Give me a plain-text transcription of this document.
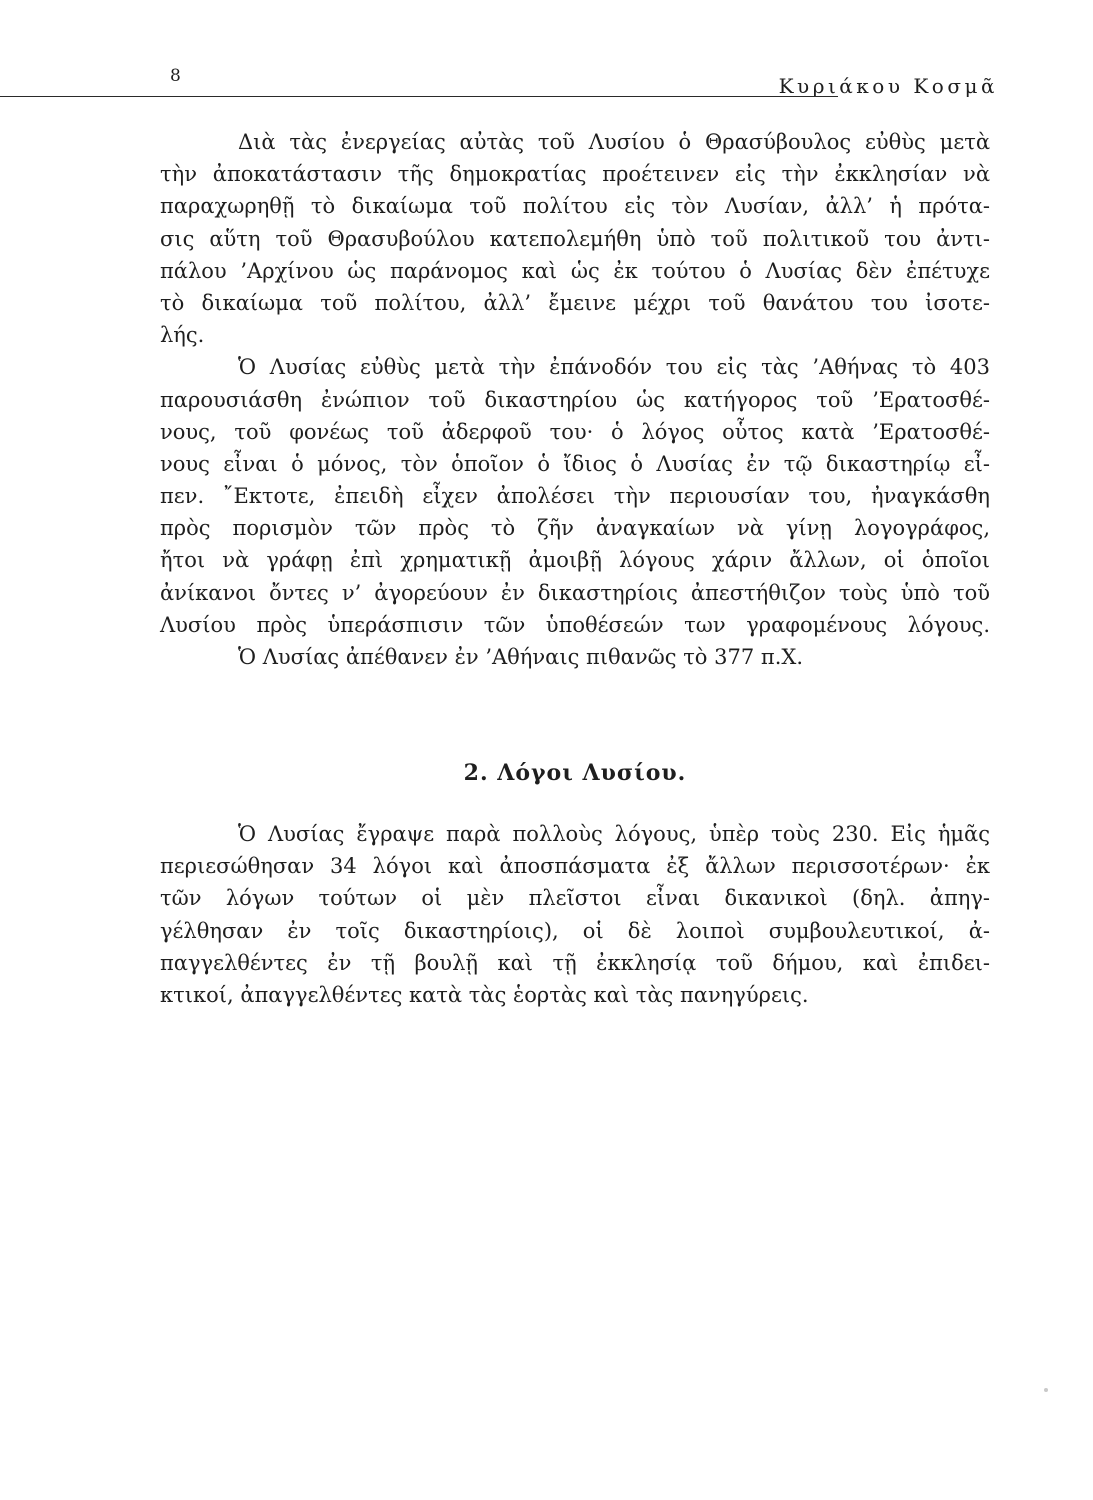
8	Κυριάκου Κοσμᾶ
Διὰ τὰς ἐνεργείας αὐτὰς τοῦ Λυσίου ὁ Θρασύβουλος εὐθὺς μετὰ
τὴν ἀποκατάστασιν τῆς δημοκρατίας προέτεινεν εἰς τὴν ἐκκλησίαν νὰ
παραχωρηθῇ τὸ δικαίωμα τοῦ πολίτου εἰς τὸν Λυσίαν, ἀλλ’ ἡ πρότα-
σις αὕτη τοῦ Θρασυβούλου κατεπολεμήθη ὑπὸ τοῦ πολιτικοῦ του ἀντι-
πάλου ’Αρχίνου ὡς παράνομος καὶ ὡς ἐκ τούτου ὁ Λυσίας δὲν ἐπέτυχε
τὸ δικαίωμα τοῦ πολίτου, ἀλλ’ ἔμεινε μέχρι τοῦ θανάτου του ἰσοτε-
λής.
Ὁ Λυσίας εὐθὺς μετὰ τὴν ἐπάνοδόν του εἰς τὰς ’Αθήνας τὸ 403
παρουσιάσθη ἐνώπιον τοῦ δικαστηρίου ὡς κατήγορος τοῦ ’Ερατοσθέ-
νους, τοῦ φονέως τοῦ ἀδερφοῦ του· ὁ λόγος οὗτος κατὰ ’Ερατοσθέ-
νους εἶναι ὁ μόνος, τὸν ὁποῖον ὁ ἴδιος ὁ Λυσίας ἐν τῷ δικαστηρίῳ εἶ-
πεν. ῎Εκτοτε, ἐπειδὴ εἶχεν ἀπολέσει τὴν περιουσίαν του, ἠναγκάσθη
πρὸς πορισμὸν τῶν πρὸς τὸ ζῆν ἀναγκαίων νὰ γίνῃ λογογράφος,
ἤτοι νὰ γράφῃ ἐπὶ χρηματικῇ ἀμοιβῇ λόγους χάριν ἄλλων, οἱ ὁποῖοι
ἀνίκανοι ὄντες ν’ ἀγορεύουν ἐν δικαστηρίοις ἀπεστήθιζον τοὺς ὑπὸ τοῦ
Λυσίου πρὸς ὑπεράσπισιν τῶν ὑποθέσεών των γραφομένους λόγους.
Ὁ Λυσίας ἀπέθανεν ἐν ’Αθήναις πιθανῶς τὸ 377 π.Χ.
2. Λόγοι Λυσίου.
Ὁ Λυσίας ἔγραψε παρὰ πολλοὺς λόγους, ὑπὲρ τοὺς 230. Εἰς ἡμᾶς
περιεσώθησαν 34 λόγοι καὶ ἀποσπάσματα ἐξ ἄλλων περισσοτέρων· ἐκ
τῶν λόγων τούτων οἱ μὲν πλεῖστοι εἶναι δικανικοὶ (δηλ. ἀπηγ-
γέλθησαν ἐν τοῖς δικαστηρίοις), οἱ δὲ λοιποὶ συμβουλευτικοί, ἀ-
παγγελθέντες ἐν τῇ βουλῇ καὶ τῇ ἐκκλησίᾳ τοῦ δήμου, καὶ ἐπιδει-
κτικοί, ἀπαγγελθέντες κατὰ τὰς ἑορτὰς καὶ τὰς πανηγύρεις.
